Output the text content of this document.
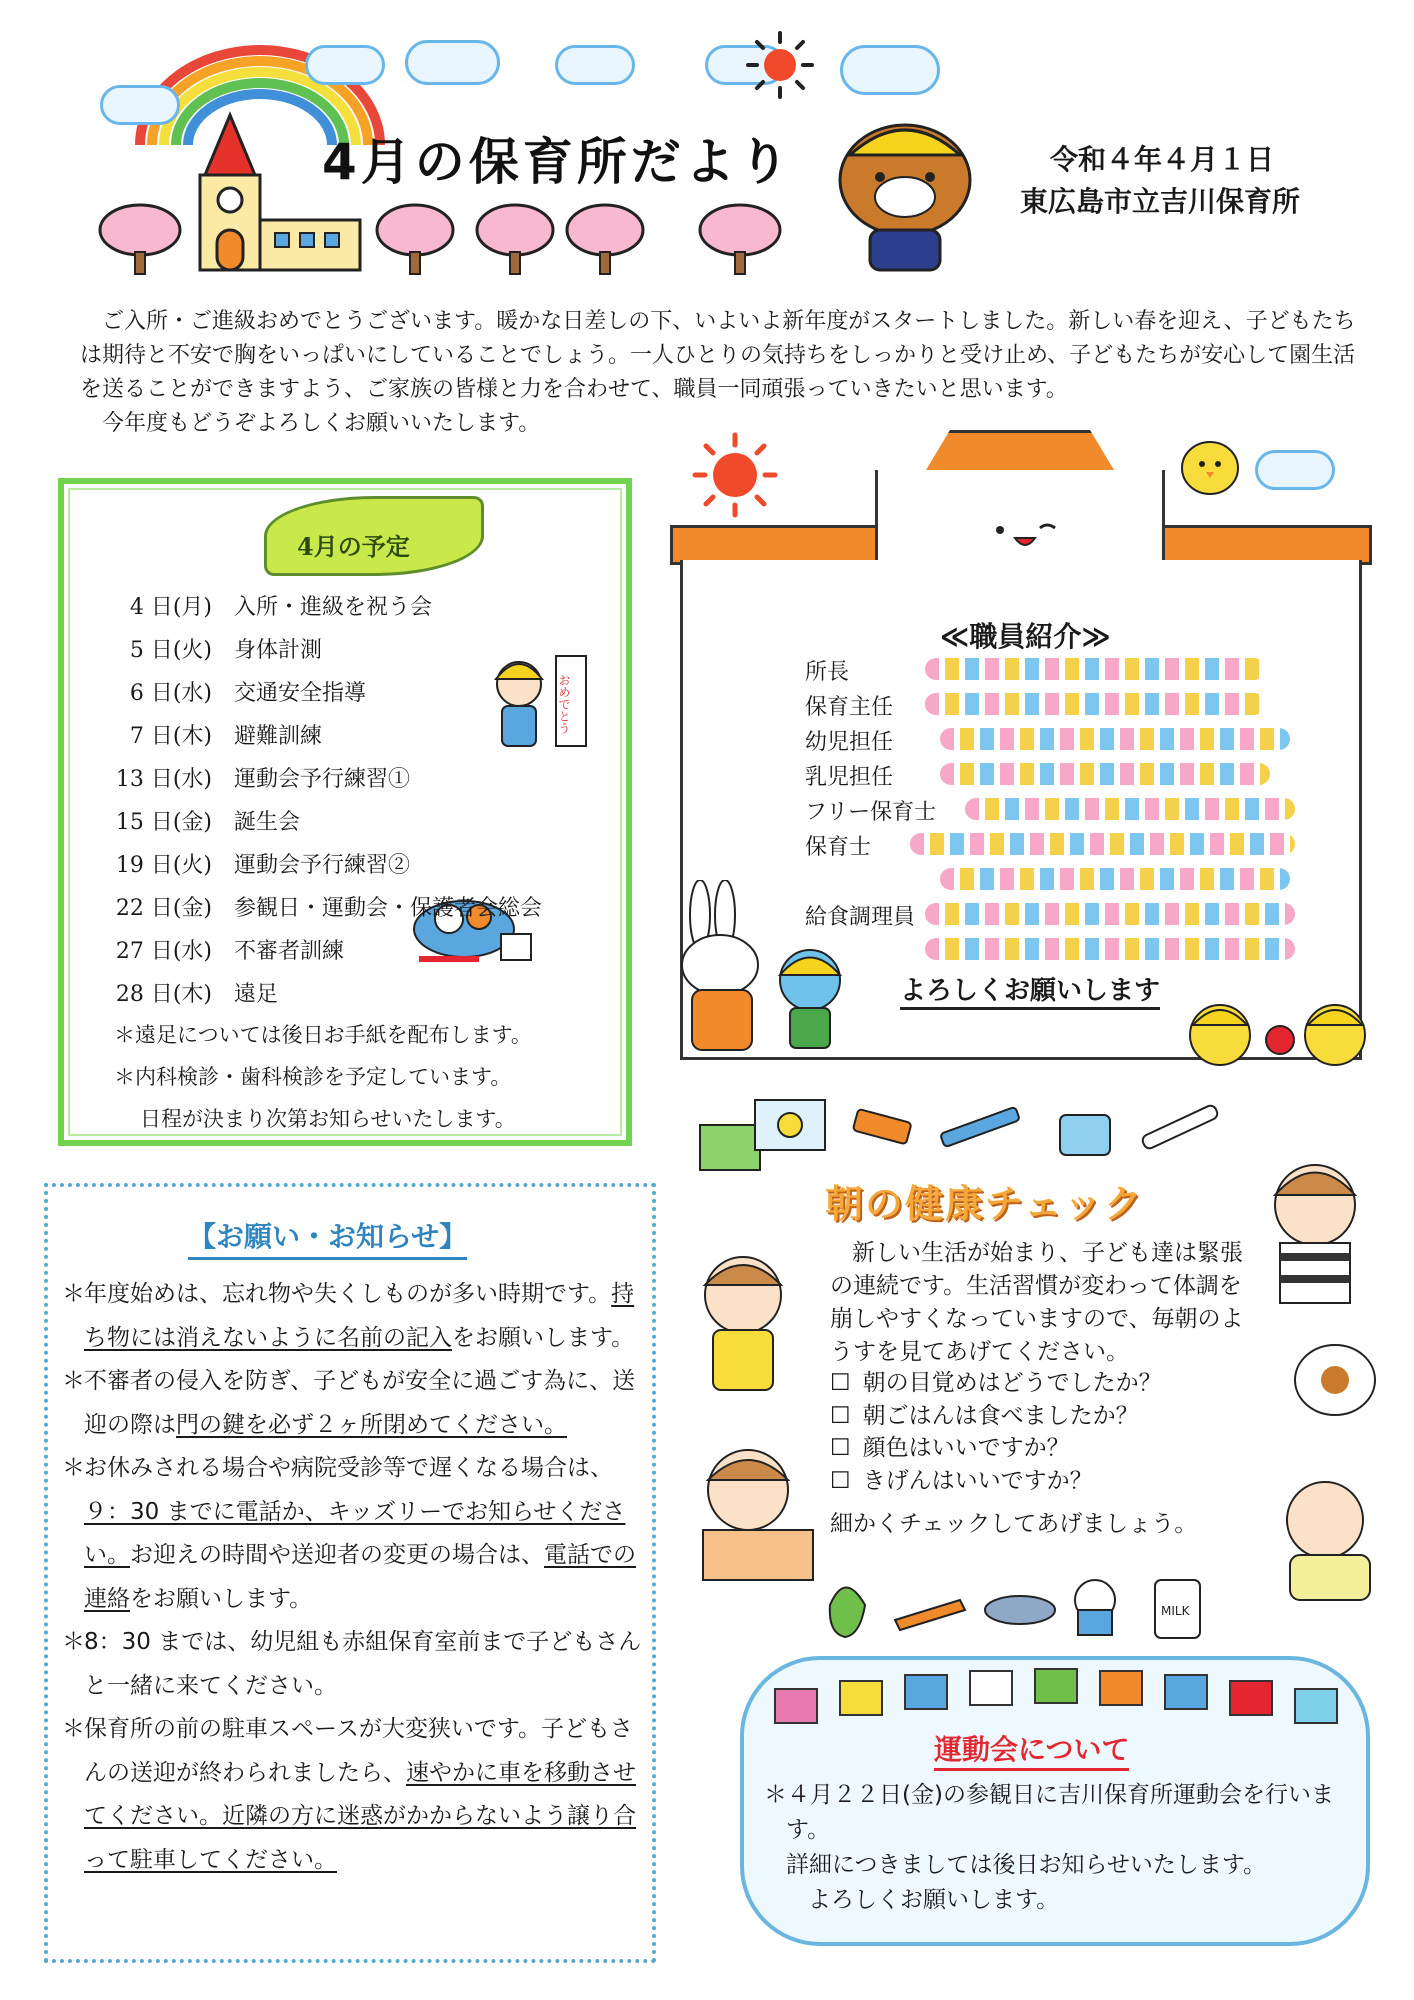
4月の保育所だより	令和４年４月１日
東広島市立吉川保育所

ご入所・ご進級おめでとうございます。暖かな日差しの下、いよいよ新年度がスタートしました。新しい春を迎え、子どもたちは期待と不安で胸をいっぱいにしていることでしょう。一人ひとりの気持ちをしっかりと受け止め、子どもたちが安心して園生活を送ることができますよう、ご家族の皆様と力を合わせて、職員一同頑張っていきたいと思います。

今年度もどうぞよろしくお願いいたします。

4月の予定
おめでとう
4 日(月)	入所・進級を祝う会
5 日(火)	身体計測
6 日(水)	交通安全指導
7 日(木)	避難訓練
13 日(水)	運動会予行練習①
15 日(金)	誕生会
19 日(火)	運動会予行練習②
22 日(金)	参観日・運動会・保護者会総会
27 日(水)	不審者訓練
28 日(木)	遠足
＊遠足については後日お手紙を配布します。
＊内科検診・歯科検診を予定しています。
日程が決まり次第お知らせいたします。
≪職員紹介≫
所長
保育主任
幼児担任
乳児担任
フリー保育士
保育士
給食調理員
よろしくお願いします
【お願い・お知らせ】
＊ 年度始めは、忘れ物や失くしものが多い時期です。持ち物には消えないように名前の記入をお願いします。
＊ 不審者の侵入を防ぎ、子どもが安全に過ごす為に、送迎の際は門の鍵を必ず２ヶ所閉めてください。
＊ お休みされる場合や病院受診等で遅くなる場合は、９：30 までに電話か、キッズリーでお知らせください。お迎えの時間や送迎者の変更の場合は、電話での連絡をお願いします。
＊ 8：30 までは、幼児組も赤組保育室前まで子どもさんと一緒に来てください。
＊ 保育所の前の駐車スペースが大変狭いです。子どもさんの送迎が終わられましたら、速やかに車を移動させてください。近隣の方に迷惑がかからないよう譲り合って駐車してください。
朝の健康チェック
新しい生活が始まり、子ども達は緊張の連続です。生活習慣が変わって体調を崩しやすくなっていますので、毎朝のようすを見てあげてください。
☐ 朝の目覚めはどうでしたか？
☐ 朝ごはんは食べましたか？
☐ 顔色はいいですか？
☐ きげんはいいですか？
細かくチェックしてあげましょう。
MILK
運動会について
＊４月２２日(金)の参観日に吉川保育所運動会を行います。
詳細につきましては後日お知らせいたします。
よろしくお願いします。
